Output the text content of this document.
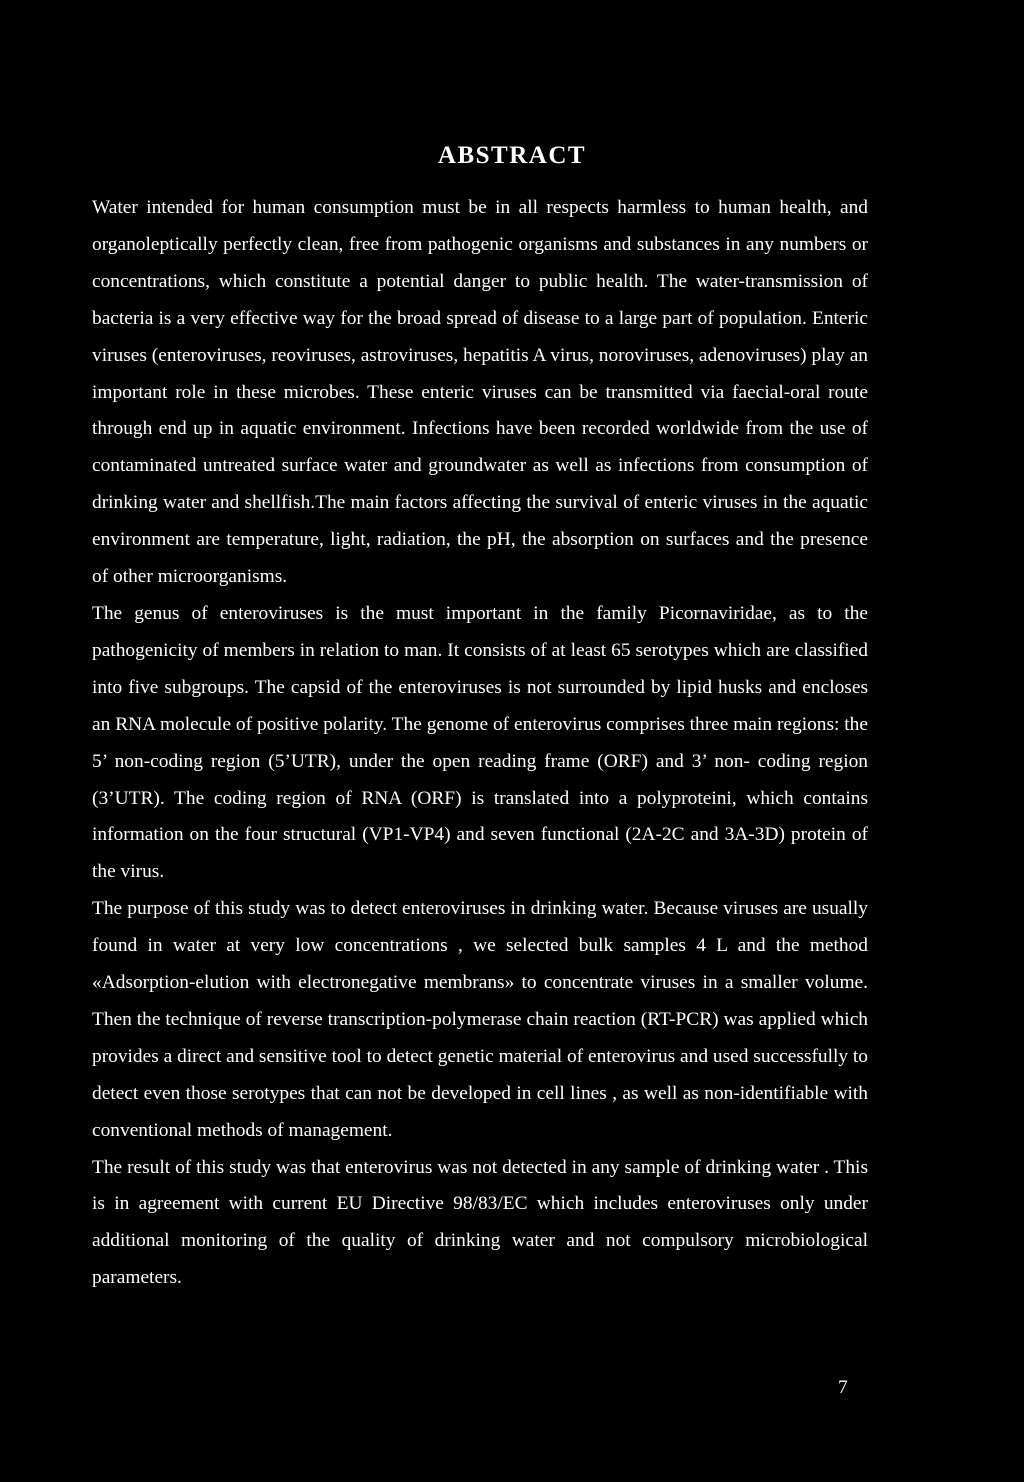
ABSTRACT

Water intended for human consumption must be in all respects harmless to human health, and organoleptically perfectly clean, free from pathogenic organisms and substances in any numbers or concentrations, which constitute a potential danger to public health. The water-transmission of bacteria is a very effective way for the broad spread of disease to a large part of population. Enteric viruses (enteroviruses, reoviruses, astroviruses, hepatitis A virus, noroviruses, adenoviruses) play an important role in these microbes. These enteric viruses can be transmitted via faecial-oral route through end up in aquatic environment. Infections have been recorded worldwide from the use of contaminated untreated surface water and groundwater as well as infections from consumption of drinking water and shellfish.The main factors affecting the survival of enteric viruses in the aquatic environment are temperature, light, radiation, the pH, the absorption on surfaces and the presence of other microorganisms.

The genus of enteroviruses is the must important in the family Picornaviridae, as to the pathogenicity of members in relation to man. It consists of at least 65 serotypes which are classified into five subgroups. The capsid of the enteroviruses is not surrounded by lipid husks and encloses an RNA molecule of positive polarity. The genome of enterovirus comprises three main regions: the 5’ non-coding region (5’UTR), under the open reading frame (ORF) and 3’ non- coding region (3’UTR). The coding region of RNA (ORF) is translated into a polyproteini, which contains information on the four structural (VP1-VP4) and seven functional (2A-2C and 3A-3D) protein of the virus.

The purpose of this study was to detect enteroviruses in drinking water. Because viruses are usually found in water at very low concentrations , we selected bulk samples 4 L and the method «Adsorption-elution with electronegative membrans» to concentrate viruses in a smaller volume. Then the technique of reverse transcription-polymerase chain reaction (RT-PCR) was applied which provides a direct and sensitive tool to detect genetic material of enterovirus and used successfully to detect even those serotypes that can not be developed in cell lines , as well as non-identifiable with conventional methods of management.

The result of this study was that enterovirus was not detected in any sample of drinking water . This is in agreement with current EU Directive 98/83/EC which includes enteroviruses only under additional monitoring of the quality of drinking water and not compulsory microbiological parameters.

7
